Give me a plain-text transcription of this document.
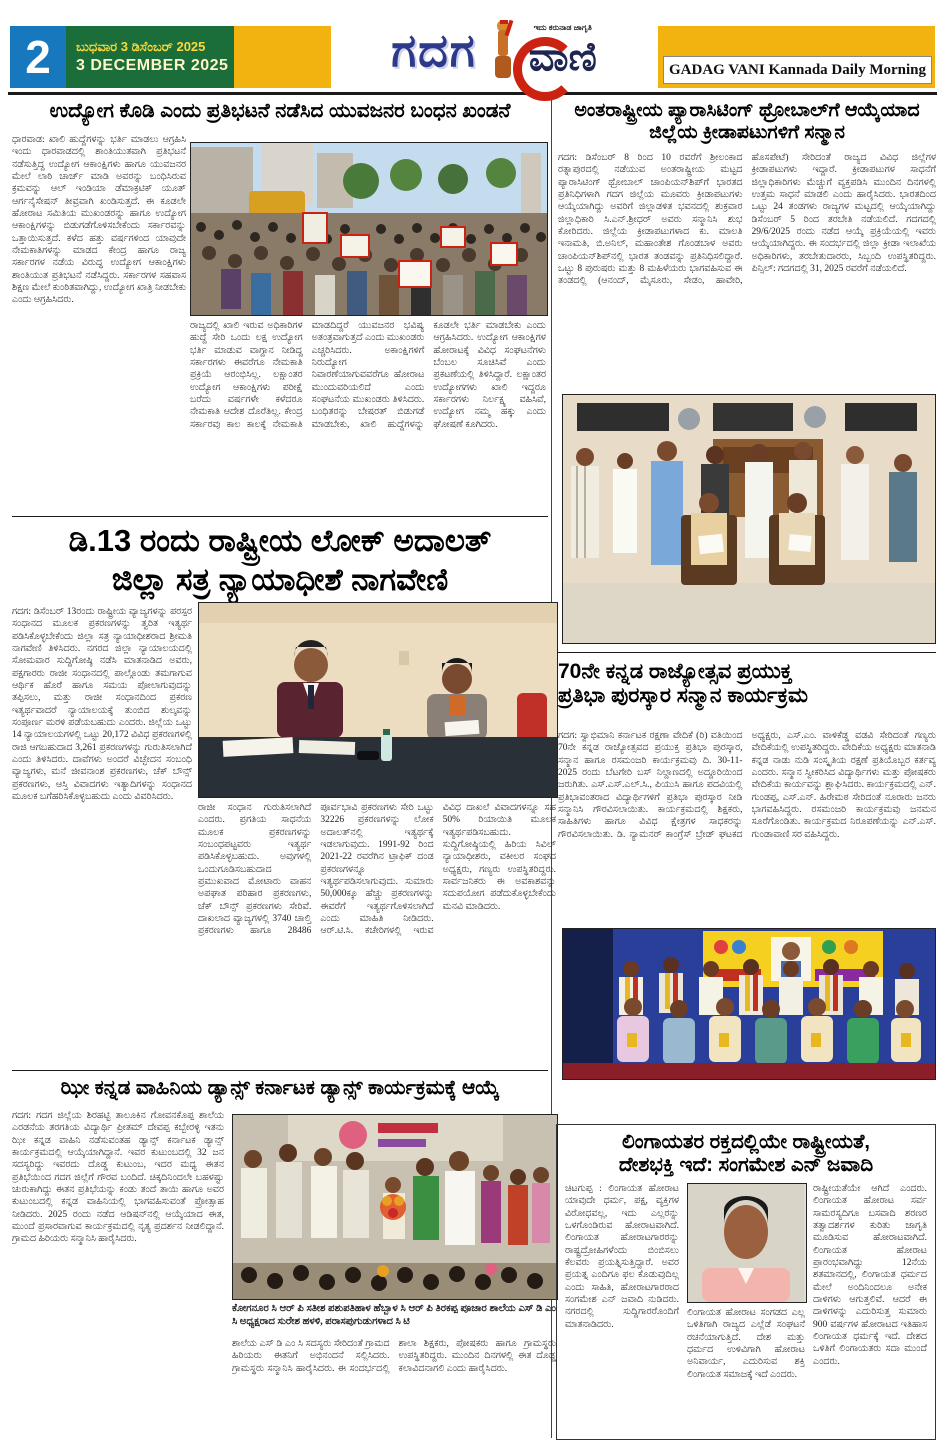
2 ಬುಧವಾರ 3 ಡಿಸೆಂಬರ್ 2025
3 DECEMBER 2025	ಗದಗ	ಇದು ಕರುನಾಡ ಜಾಗೃತಿ
ವಾಣಿ	GADAG VANI Kannada Daily Morning
ಉದ್ಯೋಗ ಕೊಡಿ ಎಂದು ಪ್ರತಿಭಟನೆ ನಡೆಸಿದ ಯುವಜನರ ಬಂಧನ ಖಂಡನೆ
ಧಾರವಾಡ: ಖಾಲಿ ಹುದ್ದೆಗಳನ್ನು ಭರ್ತಿ ಮಾಡಲು ಆಗ್ರಹಿಸಿ ಇಂದು ಧಾರವಾಡದಲ್ಲಿ ಶಾಂತಿಯುತವಾಗಿ ಪ್ರತಿಭಟನೆ ನಡೆಸುತ್ತಿದ್ದ ಉದ್ಯೋಗ ಆಕಾಂಕ್ಷಿಗಳು ಹಾಗೂ ಯುವಜನರ ಮೇಲೆ ಲಾಠಿ ಚಾರ್ಜ್ ಮಾಡಿ ಅವರನ್ನು ಬಂಧಿಸಿರುವ ಕ್ರಮವನ್ನು ಆಲ್ ಇಂಡಿಯಾ ಡೆಮಾಕ್ರಟಿಕ್ ಯೂತ್ ಆರ್ಗನೈಸೇಷನ್ ತೀವ್ರವಾಗಿ ಖಂಡಿಸುತ್ತದೆ. ಈ ಕೂಡಲೇ ಹೋರಾಟ ಸಮಿತಿಯ ಮುಖಂಡರನ್ನು ಹಾಗೂ ಉದ್ಯೋಗ ಆಕಾಂಕ್ಷಿಗಳನ್ನು ಬಿಡುಗಡೆಗೊಳಿಸಬೇಕೆಂದು ಸರ್ಕಾರವನ್ನು ಒತ್ತಾಯಿಸುತ್ತದೆ. ಕಳೆದ ಹತ್ತು ವರ್ಷಗಳಿಂದ ಯಾವುದೇ ನೇಮಕಾತಿಗಳನ್ನು ಮಾಡದ ಕೇಂದ್ರ ಹಾಗೂ ರಾಜ್ಯ ಸರ್ಕಾರಗಳ ನಡೆಯ ವಿರುದ್ಧ ಉದ್ಯೋಗ ಆಕಾಂಕ್ಷಿಗಳು ಶಾಂತಿಯುತ ಪ್ರತಿಭಟನೆ ನಡೆಸಿದ್ದರು. ಸರ್ಕಾರಗಳ ಸಹವಾಸ ಶಿಕ್ಷಣ ಮೇಲೆ ಕುಂಠಿತವಾಗಿದ್ದು, ಉದ್ಯೋಗ ಖಾತ್ರಿ ನೀಡಬೇಕು ಎಂದು ಆಗ್ರಹಿಸಿದರು.
ರಾಜ್ಯದಲ್ಲಿ ಖಾಲಿ ಇರುವ ಅಧಿಕಾರಿಗಳ ಹುದ್ದೆ ಸೇರಿ ಒಂದು ಲಕ್ಷ ಉದ್ಯೋಗ ಭರ್ತಿ ಮಾಡುವ ವಾಗ್ದಾನ ನೀಡಿದ್ದ ಸರ್ಕಾರಗಳು ಈವರೆಗೂ ನೇಮಕಾತಿ ಪ್ರಕ್ರಿಯೆ ಆರಂಭಿಸಿಲ್ಲ. ಲಕ್ಷಾಂತರ ಉದ್ಯೋಗ ಆಕಾಂಕ್ಷಿಗಳು ಪರೀಕ್ಷೆ ಬರೆದು ವರ್ಷಗಳೇ ಕಳೆದರೂ ನೇಮಕಾತಿ ಆದೇಶ ದೊರೆತಿಲ್ಲ. ಕೇಂದ್ರ ಸರ್ಕಾರವು ಕಾಲ ಕಾಲಕ್ಕೆ ನೇಮಕಾತಿ ಮಾಡದಿದ್ದರೆ ಯುವಜನರ ಭವಿಷ್ಯ ಅತಂತ್ರವಾಗುತ್ತದೆ ಎಂದು ಮುಖಂಡರು ಎಚ್ಚರಿಸಿದರು. ಅಕಾಂಕ್ಷಿಗಳಿಗೆ ನಿರುದ್ಯೋಗ ನಿವಾರಣೆಯಾಗುವವರೆಗೂ ಹೋರಾಟ ಮುಂದುವರಿಯಲಿದೆ ಎಂದು ಸಂಘಟನೆಯ ಮುಖಂಡರು ತಿಳಿಸಿದರು. ಬಂಧಿತರನ್ನು ಬೇಷರತ್ ಬಿಡುಗಡೆ ಮಾಡಬೇಕು, ಖಾಲಿ ಹುದ್ದೆಗಳನ್ನು ಕೂಡಲೇ ಭರ್ತಿ ಮಾಡಬೇಕು ಎಂದು ಆಗ್ರಹಿಸಿದರು. ಉದ್ಯೋಗ ಆಕಾಂಕ್ಷಿಗಳ ಹೋರಾಟಕ್ಕೆ ವಿವಿಧ ಸಂಘಟನೆಗಳು ಬೆಂಬಲ ಸೂಚಿಸಿವೆ ಎಂದು ಪ್ರಕಟಣೆಯಲ್ಲಿ ತಿಳಿಸಿದ್ದಾರೆ. ಲಕ್ಷಾಂತರ ಉದ್ಯೋಗಗಳು ಖಾಲಿ ಇದ್ದರೂ ಸರ್ಕಾರಗಳು ನಿರ್ಲಕ್ಷ್ಯ ವಹಿಸಿವೆ, ಉದ್ಯೋಗ ನಮ್ಮ ಹಕ್ಕು ಎಂದು ಘೋಷಣೆ ಕೂಗಿದರು.
ಡಿ.13 ರಂದು ರಾಷ್ಟ್ರೀಯ ಲೋಕ್ ಅದಾಲತ್
ಜಿಲ್ಲಾ ಸತ್ರ ನ್ಯಾಯಾಧೀಶೆ ನಾಗವೇಣಿ
ಗದಗ: ಡಿಸೆಂಬರ್ 13ರಂದು ರಾಷ್ಟ್ರೀಯ ವ್ಯಾಜ್ಯಗಳನ್ನು ಪರಸ್ಪರ ಸಂಧಾನದ ಮೂಲಕ ಪ್ರಕರಣಗಳನ್ನು ತ್ವರಿತ ಇತ್ಯರ್ಥ ಪಡಿಸಿಕೊಳ್ಳಬೇಕೆಂದು ಜಿಲ್ಲಾ ಸತ್ರ ನ್ಯಾಯಾಧೀಶರಾದ ಶ್ರೀಮತಿ ನಾಗವೇಣಿ ತಿಳಿಸಿದರು. ನಗರದ ಜಿಲ್ಲಾ ನ್ಯಾಯಾಲಯದಲ್ಲಿ ಸೋಮವಾರ ಸುದ್ದಿಗೋಷ್ಠಿ ನಡೆಸಿ ಮಾತನಾಡಿದ ಅವರು, ಪಕ್ಷಗಾರರು ರಾಜೀ ಸಂಧಾನದಲ್ಲಿ ಪಾಲ್ಗೊಂಡು ತಮಗಾಗುವ ಆರ್ಥಿಕ ಹೊರೆ ಹಾಗೂ ಸಮಯ ಪೋಲಾಗುವುದನ್ನು ತಪ್ಪಿಸಲು, ಮತ್ತು ರಾಜೀ ಸಂಧಾನದಿಂದ ಪ್ರಕರಣ ಇತ್ಯರ್ಥವಾದರೆ ನ್ಯಾಯಾಲಯಕ್ಕೆ ತುಂಬಿದ ಶುಲ್ಕವನ್ನು ಸಂಪೂರ್ಣ ಮರಳಿ ಪಡೆಯಬಹುದು ಎಂದರು. ಜಿಲ್ಲೆಯ ಒಟ್ಟು 14 ನ್ಯಾಯಾಲಯಗಳಲ್ಲಿ ಒಟ್ಟು 20,172 ವಿವಿಧ ಪ್ರಕರಣಗಳಲ್ಲಿ ರಾಜಿ ಆಗಬಹುದಾದ 3,261 ಪ್ರಕರಣಗಳನ್ನು ಗುರುತಿಸಲಾಗಿದೆ ಎಂದು ತಿಳಿಸಿದರು. ದಾವೆಗಳು ಅಂದರೆ ವಿಚ್ಛೇದನ ಸಂಬಂಧಿ ವ್ಯಾಜ್ಯಗಳು, ಮನೆ ಜೀವನಾಂಶ ಪ್ರಕರಣಗಳು, ಚೆಕ್ ಬೌನ್ಸ್ ಪ್ರಕರಣಗಳು, ಆಸ್ತಿ ವಿವಾದಗಳು ಇತ್ಯಾದಿಗಳನ್ನು ಸಂಧಾನದ ಮೂಲಕ ಬಗೆಹರಿಸಿಕೊಳ್ಳಬಹುದು ಎಂದು ವಿವರಿಸಿದರು.
ರಾಜೀ ಸಂಧಾನ ಗುರುತಿಸಲಾಗಿದೆ ಎಂದರು. ಪ್ರಗತಿಯ ಸಾಧನೆಯ ಮೂಲಕ ಪ್ರಕರಣಗಳನ್ನು ಸಂಬಂಧಪಟ್ಟವರು ಇತ್ಯರ್ಥ ಪಡಿಸಿಕೊಳ್ಳಬಹುದು. ಅವುಗಳಲ್ಲಿ ಒಂದುಗೂಡಿಸಬಹುದಾದ ಪ್ರಮುಖವಾದ ಮೋಟಾರು ವಾಹನ ಅಪಘಾತ ಪರಿಹಾರ ಪ್ರಕರಣಗಳು, ಚೆಕ್ ಬೌನ್ಸ್ ಪ್ರಕರಣಗಳು ಸೇರಿವೆ. ದಾಖಲಾದ ವ್ಯಾಜ್ಯಗಳಲ್ಲಿ 3740 ಚಾಲ್ತಿ ಪ್ರಕರಣಗಳು ಹಾಗೂ 28486 ಪೂರ್ವಭಾವಿ ಪ್ರಕರಣಗಳು ಸೇರಿ ಒಟ್ಟು 32226 ಪ್ರಕರಣಗಳನ್ನು ಲೋಕ ಅದಾಲತ್‌ನಲ್ಲಿ ಇತ್ಯರ್ಥಕ್ಕೆ ಇಡಲಾಗುವುದು. 1991-92 ರಿಂದ 2021-22 ರವರೆಗಿನ ಟ್ರಾಫಿಕ್ ದಂಡ ಪ್ರಕರಣಗಳನ್ನೂ ಇತ್ಯರ್ಥಪಡಿಸಲಾಗುವುದು. ಸುಮಾರು 50,000ಕ್ಕೂ ಹೆಚ್ಚು ಪ್ರಕರಣಗಳನ್ನು ಈವರೆಗೆ ಇತ್ಯರ್ಥಗೊಳಿಸಲಾಗಿದೆ ಎಂದು ಮಾಹಿತಿ ನೀಡಿದರು. ಆರ್.ಟಿ.ಸಿ. ಕಚೇರಿಗಳಲ್ಲಿ ಇರುವ ವಿವಿಧ ದಾಖಲೆ ವಿವಾದಗಳನ್ನೂ ಸಹ 50% ರಿಯಾಯಿತಿ ಮೂಲಕ ಇತ್ಯರ್ಥಪಡಿಸಬಹುದು. ಸುದ್ದಿಗೋಷ್ಠಿಯಲ್ಲಿ ಹಿರಿಯ ಸಿವಿಲ್ ನ್ಯಾಯಾಧೀಶರು, ವಕೀಲರ ಸಂಘದ ಅಧ್ಯಕ್ಷರು, ಗಣ್ಯರು ಉಪಸ್ಥಿತರಿದ್ದರು. ಸಾರ್ವಜನಿಕರು ಈ ಅವಕಾಶವನ್ನು ಸದುಪಯೋಗ ಪಡೆದುಕೊಳ್ಳಬೇಕೆಂದು ಮನವಿ ಮಾಡಿದರು.
ಝೀ ಕನ್ನಡ ವಾಹಿನಿಯ ಡ್ಯಾನ್ಸ್ ಕರ್ನಾಟಕ ಡ್ಯಾನ್ಸ್ ಕಾರ್ಯಕ್ರಮಕ್ಕೆ ಆಯ್ಕೆ
ಗದಗ: ಗದಗ ಜಿಲ್ಲೆಯ ಶಿರಹಟ್ಟಿ ತಾಲೂಕಿನ ಗೋವನಕೊಪ್ಪ ಶಾಲೆಯ ಎರಡನೆಯ ತರಗತಿಯ ವಿದ್ಯಾರ್ಥಿ ಪ್ರೀತಮ್ ದೇವಪ್ಪ ಕಬ್ಬೇರಳ್ಳಿ ಇತನು ಝೀ ಕನ್ನಡ ವಾಹಿನಿ ನಡೆಸುವಂತಹ ಡ್ಯಾನ್ಸ್ ಕರ್ನಾಟಕ ಡ್ಯಾನ್ಸ್ ಕಾರ್ಯಕ್ರಮದಲ್ಲಿ ಆಯ್ಕೆಯಾಗಿದ್ದಾನೆ. ಇವರ ಕುಟುಂಬದಲ್ಲಿ 32 ಜನ ಸದಸ್ಯರಿದ್ದು ಇವರದು ದೊಡ್ಡ ಕುಟುಂಬ, ಇದರ ಮಧ್ಯ ಈತನ ಪ್ರತಿಭೆಯಿಂದ ಗದಗ ಜಿಲ್ಲೆಗೆ ಗೌರವ ಬಂದಿದೆ. ಚಿಕ್ಕದಿನಿಂದಲೇ ಬಹಳಷ್ಟು ಚುರುಕಾಗಿದ್ದು ಈತನ ಪ್ರತಿಭೆಯನ್ನು ಕಂಡು ತಂದೆ ತಾಯಿ ಹಾಗೂ ಅವರ ಕುಟುಂಬದಲ್ಲಿ ಕನ್ನಡ ವಾಹಿನಿಯಲ್ಲಿ ಭಾಗವಹಿಸುವಂತೆ ಪ್ರೋತ್ಸಾಹ ನೀಡಿದರು. 2025 ರಂದು ನಡೆದ ಆಡಿಷನ್‌ನಲ್ಲಿ ಆಯ್ಕೆಯಾದ ಈತ, ಮುಂದೆ ಪ್ರಸಾರವಾಗುವ ಕಾರ್ಯಕ್ರಮದಲ್ಲಿ ನೃತ್ಯ ಪ್ರದರ್ಶನ ನೀಡಲಿದ್ದಾನೆ. ಗ್ರಾಮದ ಹಿರಿಯರು ಸನ್ಮಾನಿಸಿ ಹಾರೈಸಿದರು.
ಕೋಗನೂರ ಸಿ ಆರ್ ಪಿ ಸತೀಶ ಪಶುಪತಿಹಾಳ ಹೆಬ್ಬಾಳ ಸಿ ಆರ್ ಪಿ ತಿರಕಪ್ಪ ಪೂಜಾರ ಶಾಲೆಯ ಎಸ್ ಡಿ ಎಂ ಸಿ ಅಧ್ಯಕ್ಷರಾದ ಸುರೇಶ ಹಳಳಿ, ಪರಾಸಪುಗುಡುಗಳಾದ ಸಿ ಟಿ
ಶಾಲೆಯ ಎಸ್ ಡಿ ಎಂ ಸಿ ಸದಸ್ಯರು ಸೇರಿದಂತೆ ಗ್ರಾಮದ ಹಿರಿಯರು ಈತನಿಗೆ ಅಭಿನಂದನೆ ಸಲ್ಲಿಸಿದರು. ಗ್ರಾಮಸ್ಥರು ಸನ್ಮಾನಿಸಿ ಹಾರೈಸಿದರು. ಈ ಸಂದರ್ಭದಲ್ಲಿ ಶಾಲಾ ಶಿಕ್ಷಕರು, ಪೋಷಕರು ಹಾಗೂ ಗ್ರಾಮಸ್ಥರು ಉಪಸ್ಥಿತರಿದ್ದರು. ಮುಂದಿನ ದಿನಗಳಲ್ಲಿ ಈತ ದೊಡ್ಡ ಕಲಾವಿದನಾಗಲಿ ಎಂದು ಹಾರೈಸಿದರು.
ಅಂತರಾಷ್ಟ್ರೀಯ ಪ್ಯಾರಾಸಿಟಿಂಗ್ ಥ್ರೋಬಾಲ್‌ಗೆ ಆಯ್ಕೆಯಾದ
ಜಿಲ್ಲೆಯ ಕ್ರೀಡಾಪಟುಗಳಿಗೆ ಸನ್ಮಾನ
ಗದಗ: ಡಿಸೆಂಬರ್ 8 ರಿಂದ 10 ರವರೆಗೆ ಶ್ರೀಲಂಕಾದ ರತ್ನಾಪುರದಲ್ಲಿ ನಡೆಯುವ ಅಂತರಾಷ್ಟ್ರೀಯ ಮಟ್ಟದ ಪ್ಯಾರಾಸಿಟಿಂಗ್ ಥ್ರೋಬಾಲ್ ಚಾಂಪಿಯನ್‌ಶಿಪ್‌ಗೆ ಭಾರತದ ಪ್ರತಿನಿಧಿಗಳಾಗಿ ಗದಗ ಜಿಲ್ಲೆಯ ಮೂವರು ಕ್ರೀಡಾಪಟುಗಳು ಆಯ್ಕೆಯಾಗಿದ್ದು ಅವರಿಗೆ ಜಿಲ್ಲಾಡಳಿತ ಭವನದಲ್ಲಿ ಶುಕ್ರವಾರ ಜಿಲ್ಲಾಧಿಕಾರಿ ಸಿ.ಎನ್.ಶ್ರೀಧರ್ ಅವರು ಸನ್ಮಾನಿಸಿ ಶುಭ ಕೋರಿದರು. ಜಿಲ್ಲೆಯ ಕ್ರೀಡಾಪಟುಗಳಾದ ಕು. ಮಾಲತಿ ಇನಾಮತಿ, ಬಿ.ಅನಿಲ್, ಮಹಾಂತೇಶ ಗೊಂಡಬಾಳ ಅವರು ಚಾಂಪಿಯನ್‌ಶಿಪ್‌ನಲ್ಲಿ ಭಾರತ ತಂಡವನ್ನು ಪ್ರತಿನಿಧಿಸಲಿದ್ದಾರೆ. ಒಟ್ಟು 8 ಪುರುಷರು ಮತ್ತು 8 ಮಹಿಳೆಯರು ಭಾಗವಹಿಸುವ ಈ ತಂಡದಲ್ಲಿ (ಆನಂದ್, ಮೈಸೂರು, ಸೇಡಂ, ಹಾವೇರಿ, ಹೊಸಪೇಟೆ) ಸೇರಿದಂತೆ ರಾಜ್ಯದ ವಿವಿಧ ಜಿಲ್ಲೆಗಳ ಕ್ರೀಡಾಪಟುಗಳು ಇದ್ದಾರೆ. ಕ್ರೀಡಾಪಟುಗಳ ಸಾಧನೆಗೆ ಜಿಲ್ಲಾಧಿಕಾರಿಗಳು ಮೆಚ್ಚುಗೆ ವ್ಯಕ್ತಪಡಿಸಿ ಮುಂದಿನ ದಿನಗಳಲ್ಲಿ ಉತ್ತಮ ಸಾಧನೆ ಮಾಡಲಿ ಎಂದು ಹಾರೈಸಿದರು. ಭಾರತದಿಂದ ಒಟ್ಟು 24 ತಂಡಗಳು ರಾಜ್ಯಗಳ ಮಟ್ಟದಲ್ಲಿ ಆಯ್ಕೆಯಾಗಿದ್ದು ಡಿಸೆಂಬರ್ 5 ರಿಂದ ತರಬೇತಿ ನಡೆಯಲಿದೆ. ಗದಗದಲ್ಲಿ 29/6/2025 ರಂದು ನಡೆದ ಆಯ್ಕೆ ಪ್ರಕ್ರಿಯೆಯಲ್ಲಿ ಇವರು ಆಯ್ಕೆಯಾಗಿದ್ದರು. ಈ ಸಂದರ್ಭದಲ್ಲಿ ಜಿಲ್ಲಾ ಕ್ರೀಡಾ ಇಲಾಖೆಯ ಅಧಿಕಾರಿಗಳು, ತರಬೇತುದಾರರು, ಸಿಬ್ಬಂದಿ ಉಪಸ್ಥಿತರಿದ್ದರು. ಪಿನ್ಸಿಲ್: ಗದಗದಲ್ಲಿ 31, 2025 ರವರೆಗೆ ನಡೆಯಲಿದೆ.
70ನೇ ಕನ್ನಡ ರಾಜ್ಯೋತ್ಸವ ಪ್ರಯುಕ್ತ
ಪ್ರತಿಭಾ ಪುರಸ್ಕಾರ ಸನ್ಮಾನ ಕಾರ್ಯಕ್ರಮ
ಗದಗ: ಸ್ವಾಭಿಮಾನಿ ಕರ್ನಾಟಕ ರಕ್ಷಣಾ ವೇದಿಕೆ (ರಿ) ವತಿಯಿಂದ 70ನೇ ಕನ್ನಡ ರಾಜ್ಯೋತ್ಸವದ ಪ್ರಯುಕ್ತ ಪ್ರತಿಭಾ ಪುರಸ್ಕಾರ, ಸನ್ಮಾನ ಹಾಗೂ ರಸಮಂಜರಿ ಕಾರ್ಯಕ್ರಮವು ದಿ. 30-11-2025 ರಂದು ಬೆಟಗೇರಿ ಬಸ್ ನಿಲ್ದಾಣದಲ್ಲಿ ಅದ್ದೂರಿಯಿಂದ ಜರುಗಿತು. ಎಸ್.ಎಸ್.ಎಲ್.ಸಿ., ಪಿಯುಸಿ ಹಾಗೂ ಪದವಿಯಲ್ಲಿ ಪ್ರತಿಭಾವಂತರಾದ ವಿದ್ಯಾರ್ಥಿಗಳಿಗೆ ಪ್ರತಿಭಾ ಪುರಸ್ಕಾರ ನೀಡಿ ಸನ್ಮಾನಿಸಿ ಗೌರವಿಸಲಾಯಿತು. ಕಾರ್ಯಕ್ರಮದಲ್ಲಿ ಶಿಕ್ಷಕರು, ಸಾಹಿತಿಗಳು ಹಾಗೂ ವಿವಿಧ ಕ್ಷೇತ್ರಗಳ ಸಾಧಕರನ್ನು ಗೌರವಿಸಲಾಯಿತು. ಡಿ. ನ್ಯಾಮನರ್ ಕಾಂಗ್ರೆಸ್ ಬ್ರೇಡ್ ಘಟಕದ ಅಧ್ಯಕ್ಷರು, ಎಸ್.ಎಂ. ವಾಳಿಕೆಡ್ಡ ವಡವಿ ಸೇರಿದಂತೆ ಗಣ್ಯರು ವೇದಿಕೆಯಲ್ಲಿ ಉಪಸ್ಥಿತರಿದ್ದರು. ವೇದಿಕೆಯ ಅಧ್ಯಕ್ಷರು ಮಾತನಾಡಿ ಕನ್ನಡ ನಾಡು ನುಡಿ ಸಂಸ್ಕೃತಿಯ ರಕ್ಷಣೆ ಪ್ರತಿಯೊಬ್ಬರ ಕರ್ತವ್ಯ ಎಂದರು. ಸನ್ಮಾನ ಸ್ವೀಕರಿಸಿದ ವಿದ್ಯಾರ್ಥಿಗಳು ಮತ್ತು ಪೋಷಕರು ವೇದಿಕೆಯ ಕಾರ್ಯವನ್ನು ಶ್ಲಾಘಿಸಿದರು. ಕಾರ್ಯಕ್ರಮದಲ್ಲಿ ಎನ್. ಗುಂಡಪ್ಪ, ಎಸ್.ಎನ್. ಹಿರೇಮಠ ಸೇರಿದಂತೆ ನೂರಾರು ಜನರು ಭಾಗವಹಿಸಿದ್ದರು. ರಸಮಂಜರಿ ಕಾರ್ಯಕ್ರಮವು ಜನಮನ ಸೂರೆಗೊಂಡಿತು. ಕಾರ್ಯಕ್ರಮದ ನಿರೂಪಣೆಯನ್ನು ಎನ್.ಎಸ್. ಗುಂಡಾವಾಣಿ ಸರ ವಹಿಸಿದ್ದರು.
ಲಿಂಗಾಯತರ ರಕ್ತದಲ್ಲಿಯೇ ರಾಷ್ಟ್ರೀಯತೆ,
ದೇಶಭಕ್ತಿ ಇದೆ: ಸಂಗಮೇಶ ಎನ್ ಜವಾದಿ
ಚಿಟಗುಪ್ಪ : ಲಿಂಗಾಯತ ಹೋರಾಟ ಯಾವುದೇ ಧರ್ಮ, ಪಕ್ಷ, ವ್ಯಕ್ತಿಗಳ ವಿರೋಧವಲ್ಲ, ಇದು ಎಲ್ಲರನ್ನು ಒಳಗೊಂಡಿರುವ ಹೋರಾಟವಾಗಿದೆ. ಲಿಂಗಾಯತ ಹೋರಾಟಗಾರರನ್ನು ರಾಷ್ಟ್ರದ್ರೋಹಿಗಳೆಂದು ಬಿಂಬಿಸಲು ಕೆಲವರು ಪ್ರಯತ್ನಿಸುತ್ತಿದ್ದಾರೆ. ಅವರ ಪ್ರಯತ್ನ ಎಂದಿಗೂ ಫಲ ಕೊಡುವುದಿಲ್ಲ ಎಂದು ಸಾಹಿತಿ, ಹೋರಾಟಗಾರರಾದ ಸಂಗಮೇಶ ಎನ್ ಜವಾದಿ ನುಡಿದರು. ನಗರದಲ್ಲಿ ಸುದ್ದಿಗಾರರೊಂದಿಗೆ ಮಾತನಾಡಿದರು.
ಲಿಂಗಾಯತ ಹೋರಾಟ ಸಂಗಡದ ಎಲ್ಲ ಒಳಿತಿಗಾಗಿ ರಾಜ್ಯದ ಎಲ್ಲೆಡೆ ಸಂಘಟನೆ ರಚನೆಯಾಗುತ್ತಿದೆ. ದೇಶ ಮತ್ತು ಧರ್ಮದ ಉಳಿವಿಗಾಗಿ ಹೋರಾಟ ಅನಿವಾರ್ಯ, ಎದುರಿಸುವ ಶಕ್ತಿ ಲಿಂಗಾಯತ ಸಮಾಜಕ್ಕೆ ಇದೆ ಎಂದರು.
ರಾಷ್ಟ್ರೀಯತೆಯೇ ಆಗಿದೆ ಎಂದರು. ಲಿಂಗಾಯತ ಹೋರಾಟ ಸರ್ವ ಸಾಮರಸ್ಯದಿಗೂ ಬಸವಾದಿ ಶರಣರ ತತ್ವಾದರ್ಶಗಳ ಕುರಿತು ಜಾಗೃತಿ ಮೂಡಿಸುವ ಹೋರಾಟವಾಗಿದೆ. ಲಿಂಗಾಯತ ಹೋರಾಟ ಪ್ರಾರಂಭವಾಗಿದ್ದು 12ನೆಯ ಶತಮಾನದಲ್ಲಿ, ಲಿಂಗಾಯತ ಧರ್ಮದ ಮೇಲೆ ಅಂದಿನಿಂದಲೂ ಅನೇಕ ದಾಳಿಗಳು ಆಗುತ್ತಲಿವೆ. ಆದರೆ ಈ ದಾಳಿಗಳನ್ನು ಎದುರಿಸುತ್ತ ಸುಮಾರು 900 ವರ್ಷಗಳ ಹೋರಾಟದ ಇತಿಹಾಸ ಲಿಂಗಾಯತ ಧರ್ಮಕ್ಕೆ ಇದೆ. ದೇಶದ ಒಳಿತಿಗೆ ಲಿಂಗಾಯತರು ಸದಾ ಮುಂದೆ ಎಂದರು.
